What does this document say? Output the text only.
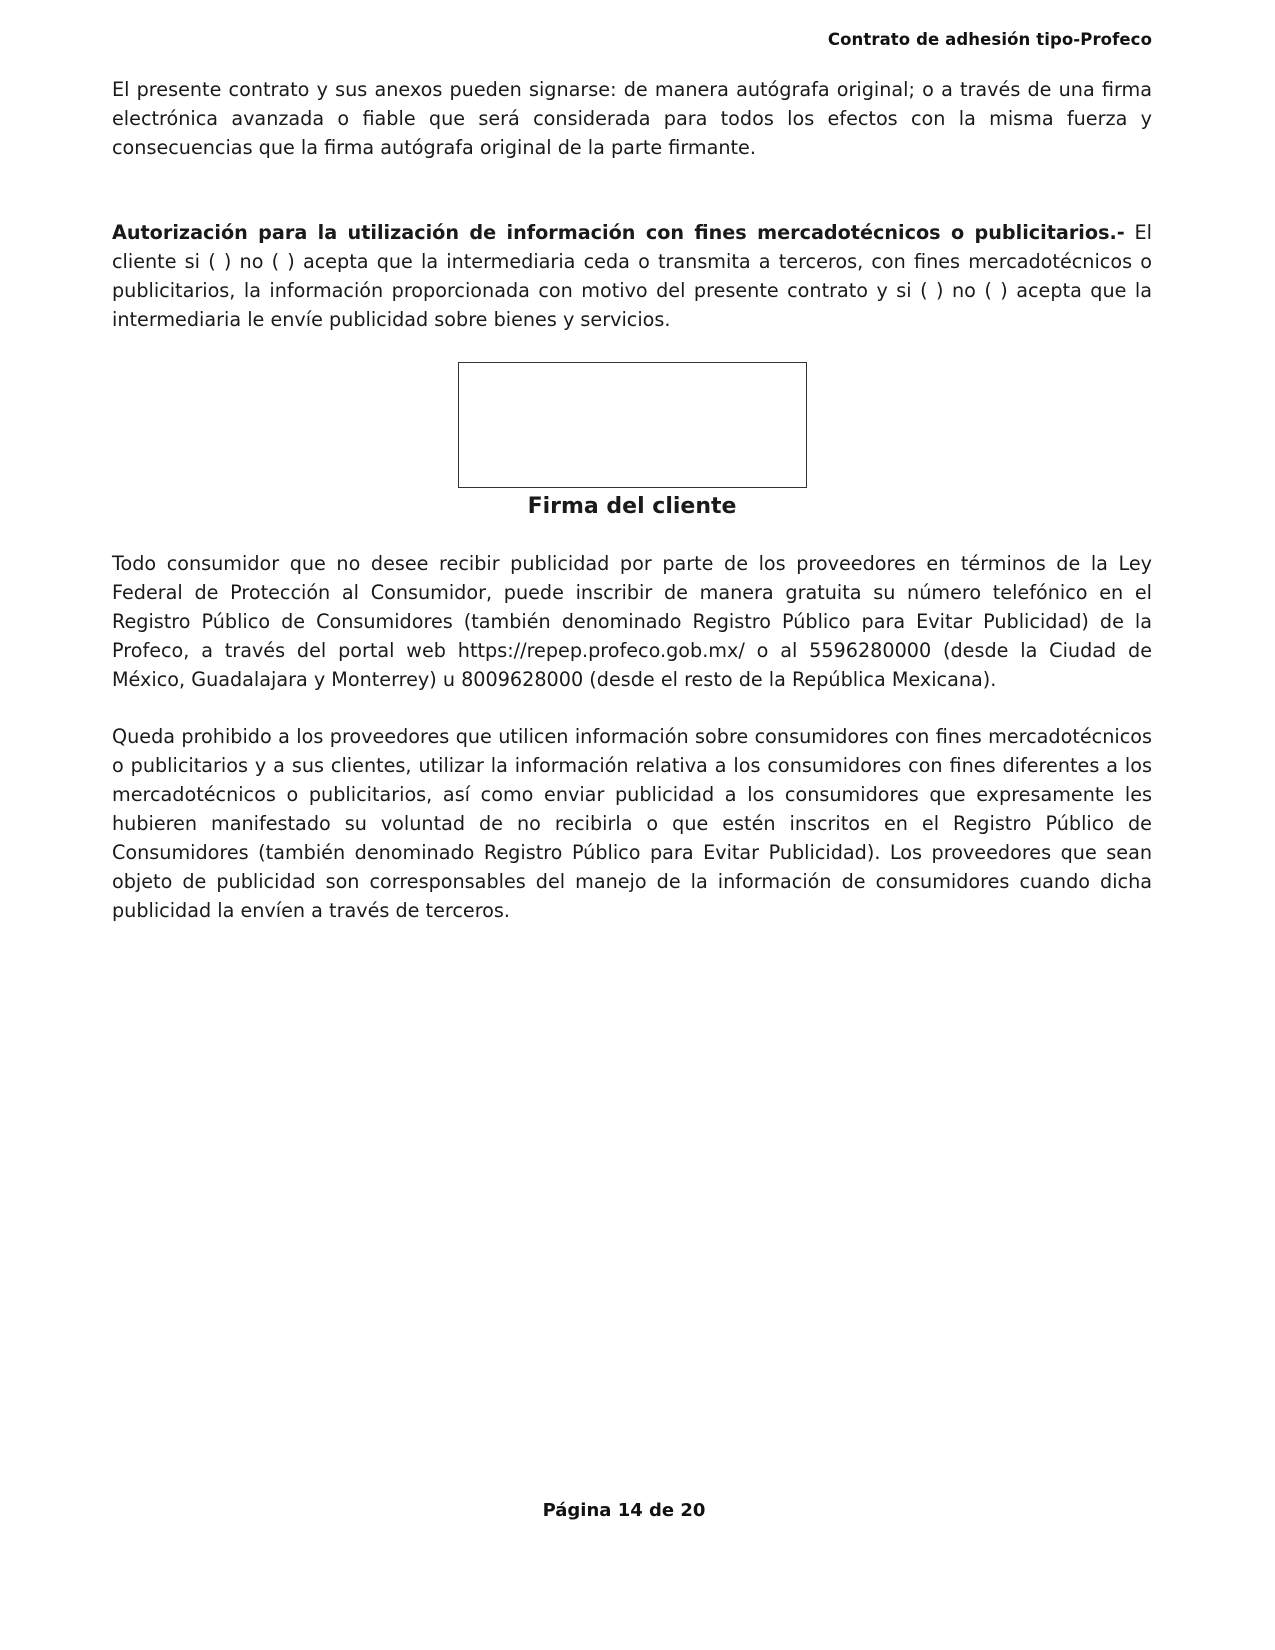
Contrato de adhesión tipo-Profeco

El presente contrato y sus anexos pueden signarse: de manera autógrafa original; o a través de una firma electrónica avanzada o fiable que será considerada para todos los efectos con la misma fuerza y consecuencias que la firma autógrafa original de la parte firmante.

Autorización para la utilización de información con fines mercadotécnicos o publicitarios.- El cliente si ( ) no ( ) acepta que la intermediaria ceda o transmita a terceros, con fines mercadotécnicos o publicitarios, la información proporcionada con motivo del presente contrato y si ( ) no ( ) acepta que la intermediaria le envíe publicidad sobre bienes y servicios.

Firma del cliente

Todo consumidor que no desee recibir publicidad por parte de los proveedores en términos de la Ley Federal de Protección al Consumidor, puede inscribir de manera gratuita su número telefónico en el Registro Público de Consumidores (también denominado Registro Público para Evitar Publicidad) de la Profeco, a través del portal web https://repep.profeco.gob.mx/ o al 5596280000 (desde la Ciudad de México, Guadalajara y Monterrey) u 8009628000 (desde el resto de la República Mexicana).

Queda prohibido a los proveedores que utilicen información sobre consumidores con fines mercadotécnicos o publicitarios y a sus clientes, utilizar la información relativa a los consumidores con fines diferentes a los mercadotécnicos o publicitarios, así como enviar publicidad a los consumidores que expresamente les hubieren manifestado su voluntad de no recibirla o que estén inscritos en el Registro Público de Consumidores (también denominado Registro Público para Evitar Publicidad). Los proveedores que sean objeto de publicidad son corresponsables del manejo de la información de consumidores cuando dicha publicidad la envíen a través de terceros.

Página 14 de 20
